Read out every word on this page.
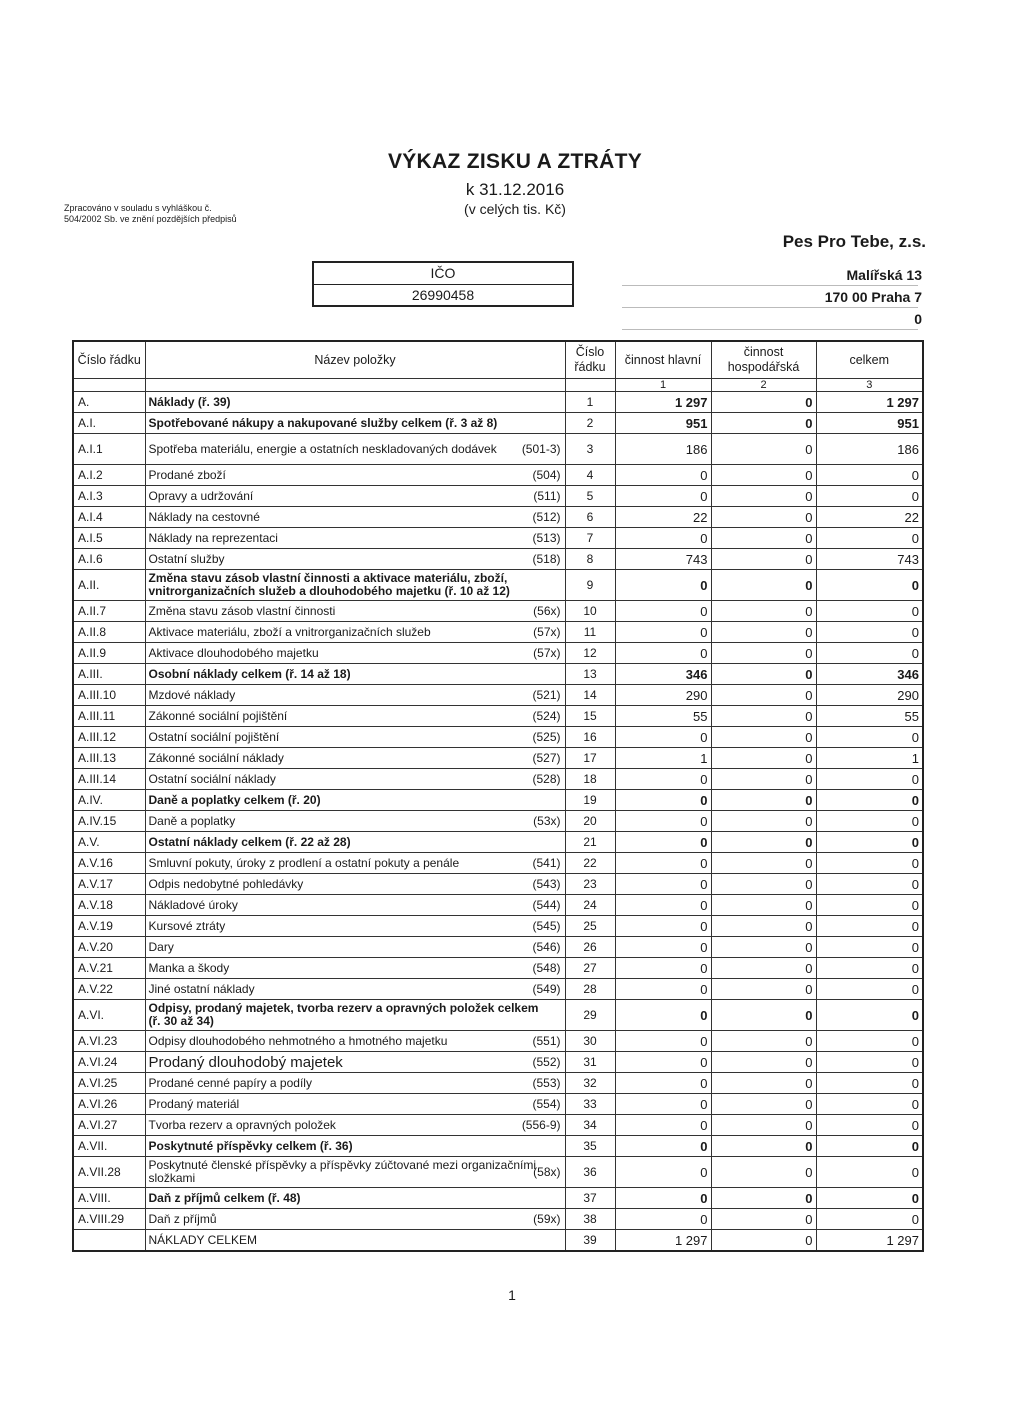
Zpracováno v souladu s vyhláškou č. 504/2002 Sb. ve znění pozdějších předpisů
VÝKAZ ZISKU A ZTRÁTY
k 31.12.2016
(v celých tis. Kč)
Pes Pro Tebe, z.s.
IČO
26990458
Malířská 13
170 00 Praha 7
0
Číslo řádku	Název položky	Číslo řádku	činnost hlavní	činnost hospodářská	celkem
			1	2	3
A.	Náklady (ř. 39)	1	1 297	0	1 297
A.I.	Spotřebované nákupy a nakupované služby celkem (ř. 3 až 8)	2	951	0	951
A.I.1	Spotřeba materiálu, energie a ostatních neskladovaných dodávek (501-3)	3	186	0	186
A.I.2	Prodané zboží (504)	4	0	0	0
A.I.3	Opravy a udržování (511)	5	0	0	0
A.I.4	Náklady na cestovné (512)	6	22	0	22
A.I.5	Náklady na reprezentaci (513)	7	0	0	0
A.I.6	Ostatní služby (518)	8	743	0	743
A.II.	Změna stavu zásob vlastní činnosti a aktivace materiálu, zboží, vnitrorganizačních služeb a dlouhodobého majetku (ř. 10 až 12)	9	0	0	0
A.II.7	Změna stavu zásob vlastní činnosti (56x)	10	0	0	0
A.II.8	Aktivace materiálu, zboží a vnitrorganizačních služeb (57x)	11	0	0	0
A.II.9	Aktivace dlouhodobého majetku (57x)	12	0	0	0
A.III.	Osobní náklady celkem (ř. 14 až 18)	13	346	0	346
A.III.10	Mzdové náklady (521)	14	290	0	290
A.III.11	Zákonné sociální pojištění (524)	15	55	0	55
A.III.12	Ostatní sociální pojištění (525)	16	0	0	0
A.III.13	Zákonné sociální náklady (527)	17	1	0	1
A.III.14	Ostatní sociální náklady (528)	18	0	0	0
A.IV.	Daně a poplatky celkem (ř. 20)	19	0	0	0
A.IV.15	Daně a poplatky (53x)	20	0	0	0
A.V.	Ostatní náklady celkem (ř. 22 až 28)	21	0	0	0
A.V.16	Smluvní pokuty, úroky z prodlení a ostatní pokuty a penále (541)	22	0	0	0
A.V.17	Odpis nedobytné pohledávky (543)	23	0	0	0
A.V.18	Nákladové úroky (544)	24	0	0	0
A.V.19	Kursové ztráty (545)	25	0	0	0
A.V.20	Dary (546)	26	0	0	0
A.V.21	Manka a škody (548)	27	0	0	0
A.V.22	Jiné ostatní náklady (549)	28	0	0	0
A.VI.	Odpisy, prodaný majetek, tvorba rezerv a opravných položek celkem (ř. 30 až 34)	29	0	0	0
A.VI.23	Odpisy dlouhodobého nehmotného a hmotného majetku (551)	30	0	0	0
A.VI.24	Prodaný dlouhodobý majetek (552)	31	0	0	0
A.VI.25	Prodané cenné papíry a podíly (553)	32	0	0	0
A.VI.26	Prodaný materiál (554)	33	0	0	0
A.VI.27	Tvorba rezerv a opravných položek (556-9)	34	0	0	0
A.VII.	Poskytnuté příspěvky celkem (ř. 36)	35	0	0	0
A.VII.28	Poskytnuté členské příspěvky a příspěvky zúčtované mezi organizačními složkami (58x)	36	0	0	0
A.VIII.	Daň z příjmů celkem (ř. 48)	37	0	0	0
A.VIII.29	Daň z příjmů (59x)	38	0	0	0
	NÁKLADY CELKEM	39	1 297	0	1 297
1
